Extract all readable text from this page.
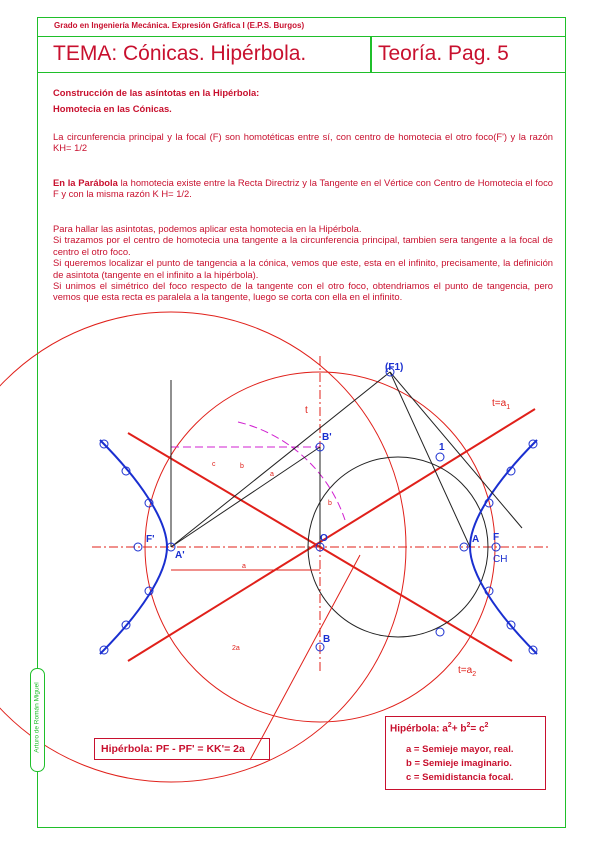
Grado en Ingeniería Mecánica. Expresión Gráfica I (E.P.S. Burgos)
TEMA: Cónicas. Hipérbola.	Teoría. Pag. 5
Construcción de las asíntotas en la Hipérbola:
Homotecia en las Cónicas.
La circunferencia principal y la focal (F) son homotéticas entre sí, con centro de homotecia el otro foco(F') y la razón KH= 1/2
En la Parábola la homotecia existe entre la Recta Directriz y la Tangente en el Vértice con Centro de Homotecia el foco F y con la misma razón K H= 1/2.
Para hallar las asintotas, podemos aplicar esta homotecia en la Hipérbola.
Si trazamos por el centro de homotecia una tangente a la circunferencia principal, tambien sera tangente a la focal de centro el otro foco.
Si queremos localizar el punto de tangencia a la cónica, vemos que este, esta en el infinito, precisamente, la definición de asintota (tangente en el infinito a la hipérbola).
Si unimos el simétrico del foco respecto de la tangente con el otro foco, obtendriamos el punto de tangencia, pero vemos que esta recta es paralela a la tangente, luego se corta con ella en el infinito.
(F1)
$t=a_1$
$t=a_2$
t
B'
B
O	A
A'
F
F'
CH
1
a
b
c
a
2a
b
Hipérbola: PF - PF' = KK'= 2a
Hipérbola: $a^2+ b^2= c^2$
a = Semieje mayor, real.
b = Semieje imaginario.
c = Semidistancia focal.
Arturo de Román Miguel
